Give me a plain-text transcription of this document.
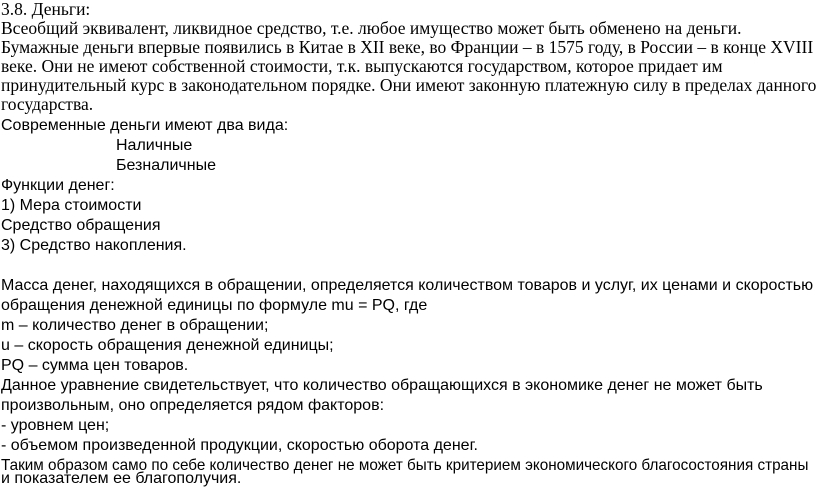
3.8. Деньги:
Всеобщий эквивалент, ликвидное средство, т.е. любое имущество может быть обменено на деньги.
Бумажные деньги впервые появились в Китае в XII веке, во Франции – в 1575 году, в России – в конце XVIII
веке. Они не имеют собственной стоимости, т.к. выпускаются государством, которое придает им
принудительный курс в законодательном порядке. Они имеют законную платежную силу в пределах данного
государства.
Современные деньги имеют два вида:
Наличные
Безналичные
Функции денег:
1) Мера стоимости
Средство обращения
3) Средство накопления.
Масса денег, находящихся в обращении, определяется количеством товаров и услуг, их ценами и скоростью
обращения денежной единицы по формуле mu = PQ, где
m – количество денег в обращении;
u – скорость обращения денежной единицы;
PQ – сумма цен товаров.
Данное уравнение свидетельствует, что количество обращающихся в экономике денег не может быть
произвольным, оно определяется рядом факторов:
- уровнем цен;
- объемом произведенной продукции, скоростью оборота денег.
Таким образом само по себе количество денег не может быть критерием экономического благосостояния страны
и показателем ее благополучия.
